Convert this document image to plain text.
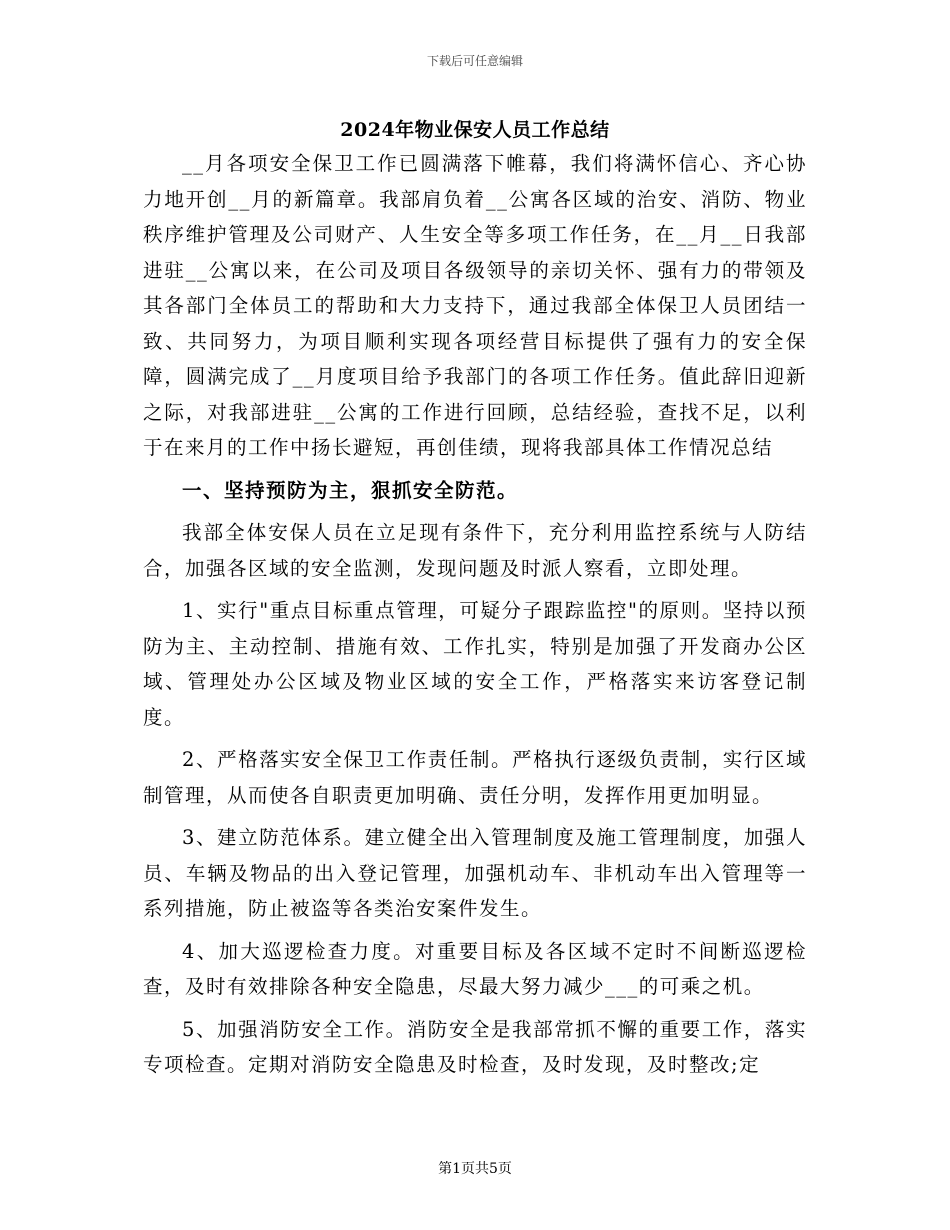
下载后可任意编辑
2024年物业保安人员工作总结

__月各项安全保卫工作已圆满落下帷幕，我们将满怀信心、齐心协力地开创__月的新篇章。我部肩负着__公寓各区域的治安、消防、物业秩序维护管理及公司财产、人生安全等多项工作任务，在__月__日我部进驻__公寓以来，在公司及项目各级领导的亲切关怀、强有力的带领及其各部门全体员工的帮助和大力支持下，通过我部全体保卫人员团结一致、共同努力，为项目顺利实现各项经营目标提供了强有力的安全保障，圆满完成了__月度项目给予我部门的各项工作任务。值此辞旧迎新之际，对我部进驻__公寓的工作进行回顾，总结经验，查找不足，以利于在来月的工作中扬长避短，再创佳绩，现将我部具体工作情况总结

一、坚持预防为主，狠抓安全防范。

我部全体安保人员在立足现有条件下，充分利用监控系统与人防结合，加强各区域的安全监测，发现问题及时派人察看，立即处理。

1、实行"重点目标重点管理，可疑分子跟踪监控"的原则。坚持以预防为主、主动控制、措施有效、工作扎实，特别是加强了开发商办公区域、管理处办公区域及物业区域的安全工作，严格落实来访客登记制度。

2、严格落实安全保卫工作责任制。严格执行逐级负责制，实行区域制管理，从而使各自职责更加明确、责任分明，发挥作用更加明显。

3、建立防范体系。建立健全出入管理制度及施工管理制度，加强人员、车辆及物品的出入登记管理，加强机动车、非机动车出入管理等一系列措施，防止被盗等各类治安案件发生。

4、加大巡逻检查力度。对重要目标及各区域不定时不间断巡逻检查，及时有效排除各种安全隐患，尽最大努力减少___的可乘之机。

5、加强消防安全工作。消防安全是我部常抓不懈的重要工作，落实专项检查。定期对消防安全隐患及时检查，及时发现，及时整改;定

第1页共5页
